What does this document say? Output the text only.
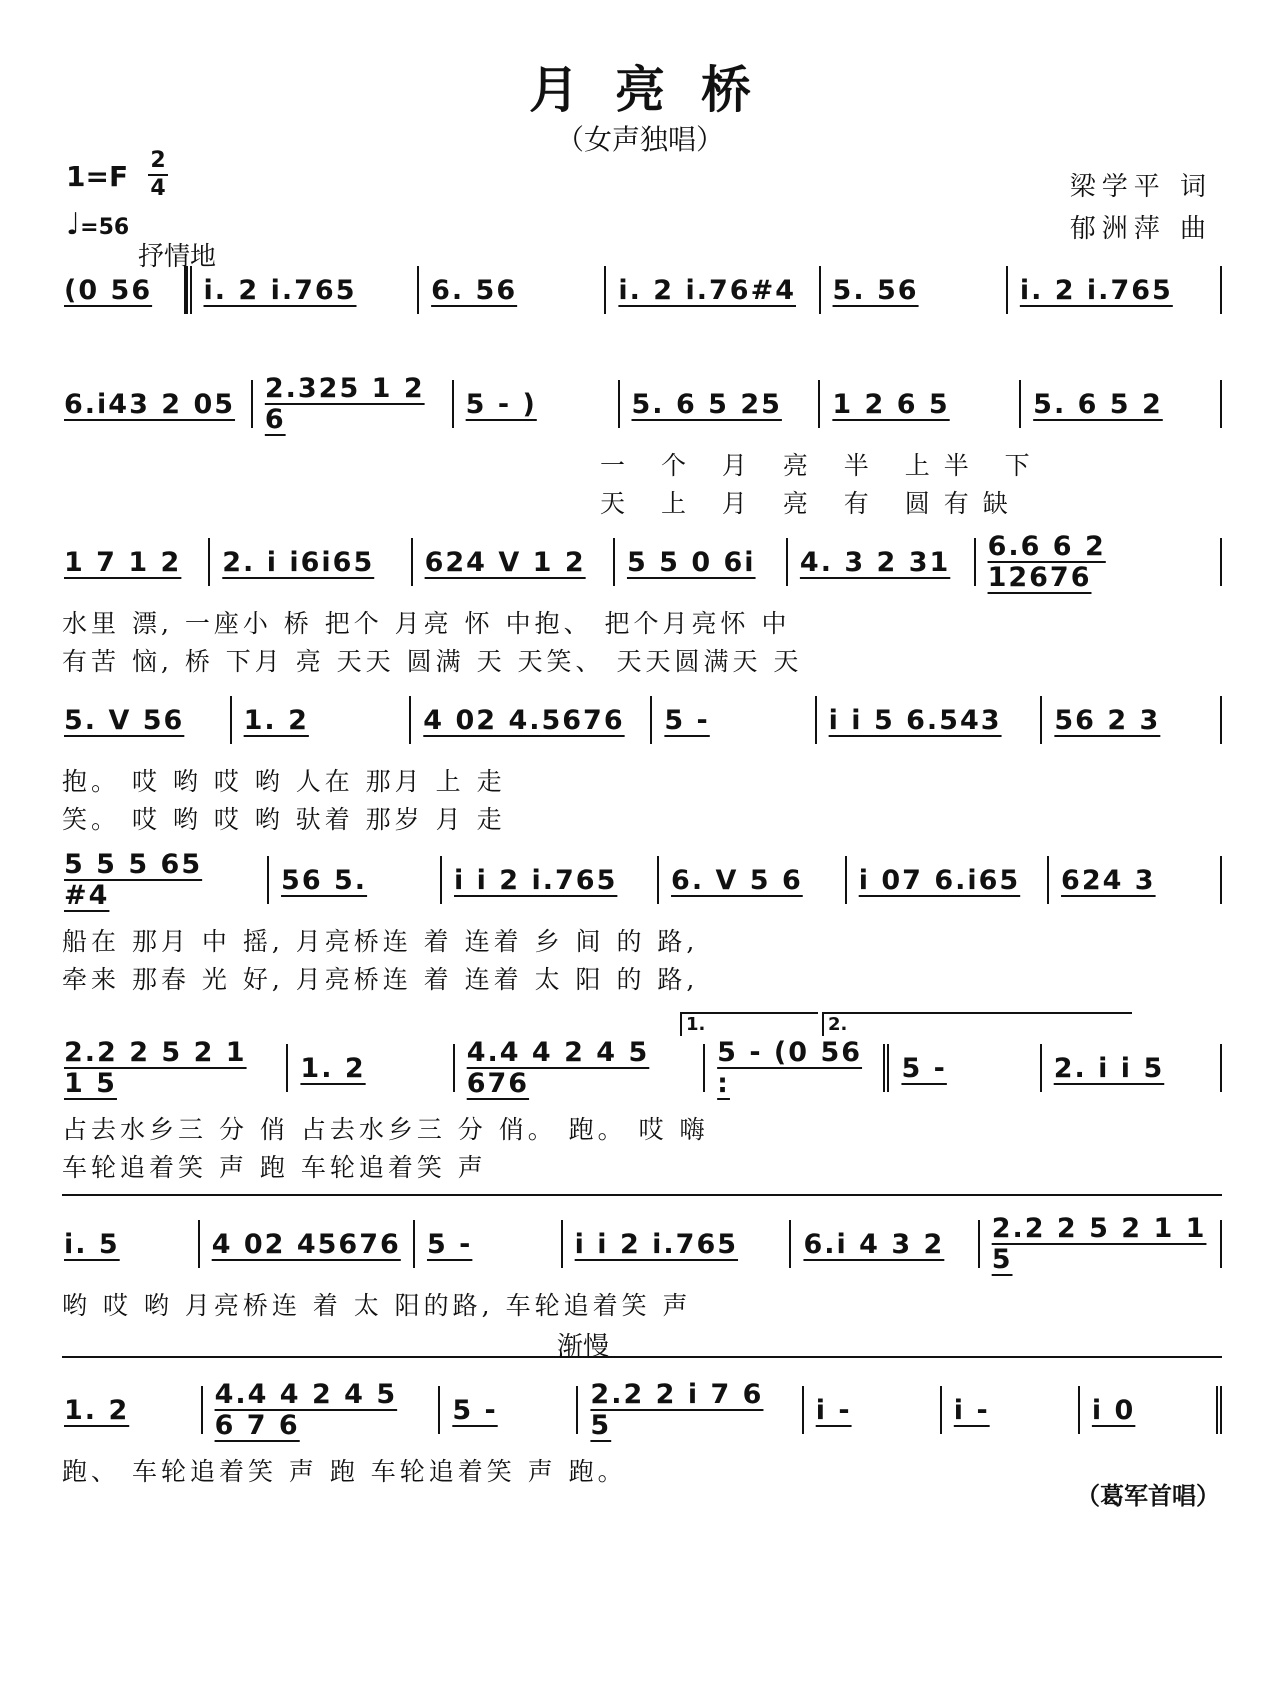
月亮桥
（女声独唱）
1=F 2
4
♩=56
抒情地
梁学平 词
郁洲萍 曲
(0 56	i. 2 i.765	6. 56	i. 2 i.76#4	5. 56	i. 2 i.765
6.i43 2 05	2.325 1 2 6	5 - )	5. 6 5 25	1 2 6 5	5. 6 5 2
一 个 月 亮 半 上半 下
天 上 月 亮 有 圆有缺
1 7 1 2	2. i i6i65	624 ᐯ 1 2	5 5 0 6i	4. 3 2 31	6.6 6 2 12676
水里 漂, 一座小 桥 把个 月亮 怀 中抱、 把个月亮怀 中
有苦 恼, 桥 下月 亮 天天 圆满 天 天笑、 天天圆满天 天
5. ᐯ 56	1. 2	4 02 4.5676	5 -	i i 5 6.543	56 2 3
抱。 哎 哟 哎 哟 人在 那月 上 走
笑。 哎 哟 哎 哟 驮着 那岁 月 走
5 5 5 65 #4	56 5.	i i 2 i.765	6. ᐯ 5 6	i 07 6.i65	624 3
船在 那月 中 摇, 月亮桥连 着 连着 乡 间 的 路,
牵来 那春 光 好, 月亮桥连 着 连着 太 阳 的 路,
1.	2.
2.2 2 5 2 1 1 5	1. 2	4.4 4 2 4 5 676
5 - (0 56 :	5 -	2. i i 5
占去水乡三 分 俏 占去水乡三 分 俏。 跑。 哎 嗨
车轮追着笑 声 跑 车轮追着笑 声
i. 5	4 02 45676 5 -	i i 2 i.765	6.i 4 3 2	2.2 2 5 2 1 1 5
哟 哎 哟 月亮桥连 着 太 阳的路, 车轮追着笑 声
渐慢
1. 2	4.4 4 2 4 5 6 7 6	5 -	2.2 2 i 7 6 5	i -	i -	i 0
跑、 车轮追着笑 声 跑 车轮追着笑 声 跑。
（葛军首唱）
